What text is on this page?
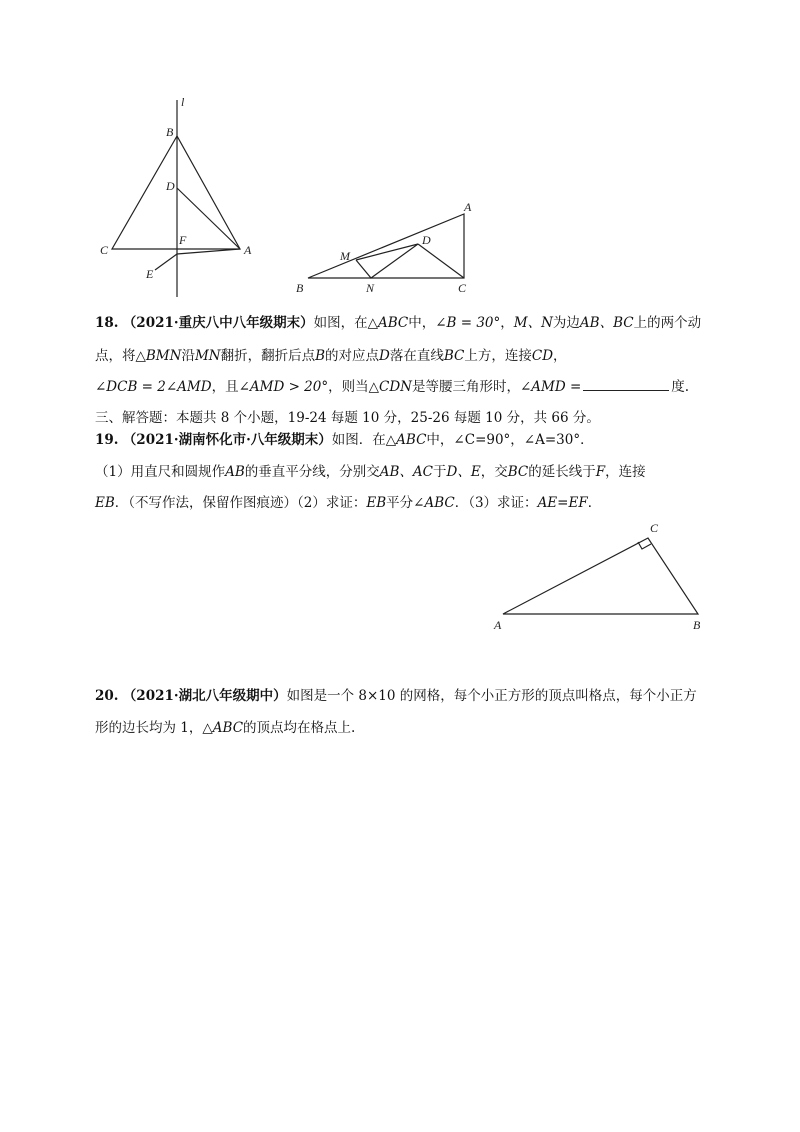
l
B
D
C
F
A
E
A
D
M
B	N	C
18. （2021·重庆八中八年级期末）如图，在△ABC中，∠B = 30°，M、N为边AB、BC上的两个动
点，将△BMN沿MN翻折，翻折后点B的对应点D落在直线BC上方，连接CD，
∠DCB = 2∠AMD，且∠AMD > 20°，则当△CDN是等腰三角形时，∠AMD =	度.
三、解答题：本题共 8 个小题，19-24 每题 10 分，25-26 每题 10 分，共 66 分。
19. （2021·湖南怀化市·八年级期末）如图．在△ABC中，∠C=90°，∠A=30°．
（1）用直尺和圆规作AB的垂直平分线，分别交AB、AC于D、E，交BC的延长线于F，连接
EB．（不写作法，保留作图痕迹）（2）求证：EB平分∠ABC．（3）求证：AE=EF．
C
A	B
20. （2021·湖北八年级期中）如图是一个 8×10 的网格，每个小正方形的顶点叫格点，每个小正方
形的边长均为 1，△ABC的顶点均在格点上.
